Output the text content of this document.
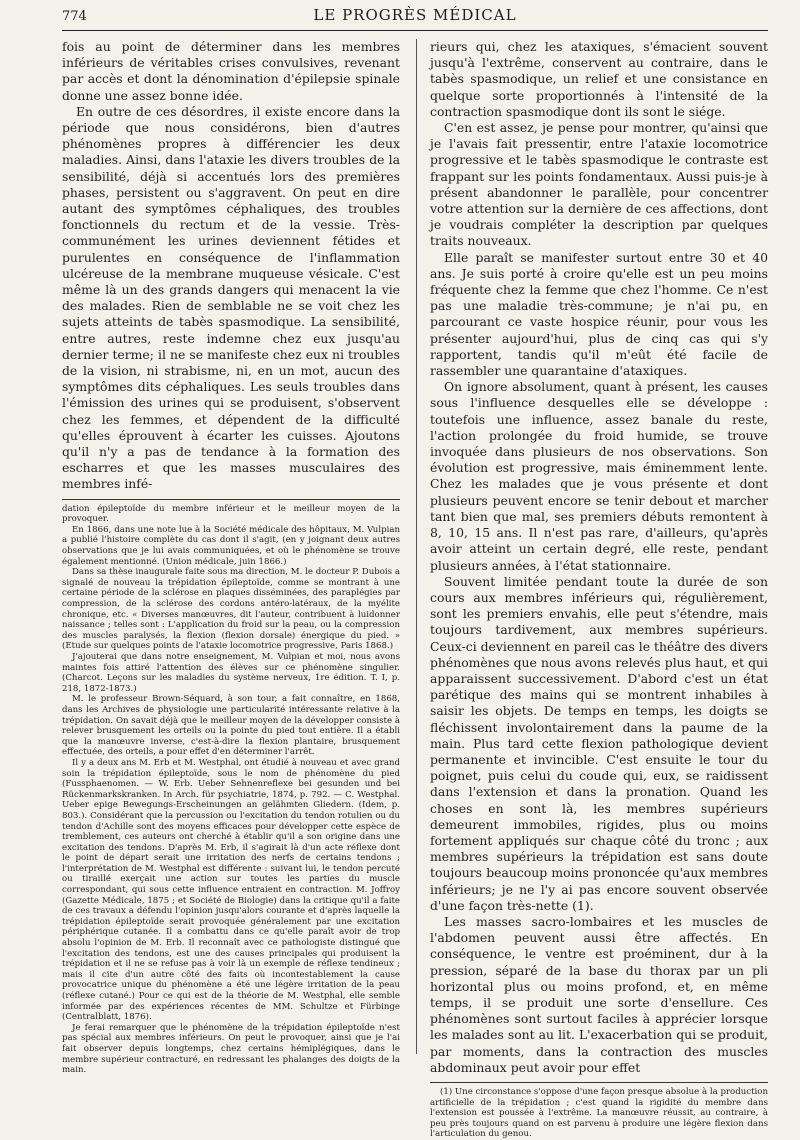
774	LE PROGRÈS MÉDICAL

fois au point de déterminer dans les membres inférieurs de véritables crises convulsives, revenant par accès et dont la dénomination d'épilepsie spinale donne une assez bonne idée.

En outre de ces désordres, il existe encore dans la période que nous considérons, bien d'autres phénomènes propres à différencier les deux maladies. Ainsi, dans l'ataxie les divers troubles de la sensibilité, déjà si accentués lors des premières phases, persistent ou s'aggravent. On peut en dire autant des symptômes céphaliques, des troubles fonctionnels du rectum et de la vessie. Très-communément les urines deviennent fétides et purulentes en conséquence de l'inflammation ulcéreuse de la membrane muqueuse vésicale. C'est même là un des grands dangers qui menacent la vie des malades. Rien de semblable ne se voit chez les sujets atteints de tabès spasmodique. La sensibilité, entre autres, reste indemne chez eux jusqu'au dernier terme; il ne se manifeste chez eux ni troubles de la vision, ni strabisme, ni, en un mot, aucun des symptômes dits céphaliques. Les seuls troubles dans l'émission des urines qui se produisent, s'observent chez les femmes, et dépendent de la difficulté qu'elles éprouvent à écarter les cuisses. Ajoutons qu'il n'y a pas de tendance à la formation des escharres et que les masses musculaires des membres infé-

dation épileptoïde du membre inférieur et le meilleur moyen de la provoquer.

En 1866, dans une note lue à la Société médicale des hôpitaux, M. Vulpian a publié l'histoire complète du cas dont il s'agit, (en y joignant deux autres observations que je lui avais communiquées, et où le phénomène se trouve également mentionné. (Union médicale, juin 1866.)

Dans sa thèse inaugurale faite sous ma direction, M. le docteur P. Dubois a signalé de nouveau la trépidation épileptoïde, comme se montrant à une certaine période de la sclérose en plaques disséminées, des paraplégies par compression, de la sclérose des cordons antéro-latéraux, de la myélite chronique, etc. « Diverses manœuvres, dit l'auteur, contribuent à luidonner naissance ; telles sont : L'application du froid sur la peau, ou la compression des muscles paralysés, la flexion (flexion dorsale) énergique du pied. » (Etude sur quelques points de l'ataxie locomotrice progressive, Paris 1868.)

J'ajouterai que dans notre enseignement, M. Vulpian et moi, nous avons maintes fois attiré l'attention des élèves sur ce phénomène singulier. (Charcot. Leçons sur les maladies du système nerveux, 1re édition. T. I, p. 218, 1872-1873.)

M. le professeur Brown-Séquard, à son tour, a fait connaître, en 1868, dans les Archives de physiologie une particularité intéressante relative à la trépidation. On savait déjà que le meilleur moyen de la développer consiste à relever brusquement les orteils ou la pointe du pied tout entière. Il a établi que la manœuvre inverse, c'est-à-dire la flexion plantaire, brusquement effectuée, des orteils, a pour effet d'en déterminer l'arrêt.

Il y a deux ans M. Erb et M. Westphal, ont étudié à nouveau et avec grand soin la trépidation épileptoïde, sous le nom de phénomène du pied (Fussphaenomen. — W. Erb. Ueber Sehnenreflexe bei gesunden und bei Rückenmarkskranken. In Arch. für psychiatrie, 1874, p. 792. — C. Westphal. Ueber epige Bewegungs-Erscheinungen an gelähmten Gliedern. (Idem, p. 803.). Considérant que la percussion ou l'excitation du tendon rotulien ou du tendon d'Achille sont des moyens efficaces pour développer cette espèce de tremblement, ces auteurs ont cherché à établir qu'il a son origine dans une excitation des tendons. D'après M. Erb, il s'agirait là d'un acte réflexe dont le point de départ serait une irritation des nerfs de certains tendons ; l'interprétation de M. Westphal est différente : suivant lui, le tendon percuté ou tiraillé exerçait une action sur toutes les parties du muscle correspondant, qui sous cette influence entraient en contraction. M. Joffroy (Gazette Médicale, 1875 ; et Société de Biologie) dans la critique qu'il a faite de ces travaux a défendu l'opinion jusqu'alors courante et d'après laquelle la trépidation épileptoïde serait provoquée généralement par une excitation périphérique cutanée. Il a combattu dans ce qu'elle paraît avoir de trop absolu l'opinion de M. Erb. Il reconnaît avec ce pathologiste distingué que l'excitation des tendons, est une des causes principales qui produisent la trépidation et il ne se refuse pas à voir là un exemple de réflexe tendineux ; mais il cite d'un autre côté des faits où incontestablement la cause provocatrice unique du phénomène a été une légère irritation de la peau (réflexe cutané.) Pour ce qui est de la théorie de M. Westphal, elle semble informée par des expériences récentes de MM. Schultze et Fürbinge (Centralblatt, 1876).

Je ferai remarquer que le phénomène de la trépidation épileptoïde n'est pas spécial aux membres inférieurs. On peut le provoquer, ainsi que je l'ai fait observer depuis longtemps, chez certains hémiplégiques, dans le membre supérieur contracturé, en redressant les phalanges des doigts de la main.

rieurs qui, chez les ataxiques, s'émacient souvent jusqu'à l'extrême, conservent au contraire, dans le tabès spasmodique, un relief et une consistance en quelque sorte proportionnés à l'intensité de la contraction spasmodique dont ils sont le siége.

C'en est assez, je pense pour montrer, qu'ainsi que je l'avais fait pressentir, entre l'ataxie locomotrice progressive et le tabès spasmodique le contraste est frappant sur les points fondamentaux. Aussi puis-je à présent abandonner le parallèle, pour concentrer votre attention sur la dernière de ces affections, dont je voudrais compléter la description par quelques traits nouveaux.

Elle paraît se manifester surtout entre 30 et 40 ans. Je suis porté à croire qu'elle est un peu moins fréquente chez la femme que chez l'homme. Ce n'est pas une maladie très-commune; je n'ai pu, en parcourant ce vaste hospice réunir, pour vous les présenter aujourd'hui, plus de cinq cas qui s'y rapportent, tandis qu'il m'eût été facile de rassembler une quarantaine d'ataxiques.

On ignore absolument, quant à présent, les causes sous l'influence desquelles elle se développe : toutefois une influence, assez banale du reste, l'action prolongée du froid humide, se trouve invoquée dans plusieurs de nos observations. Son évolution est progressive, mais éminemment lente. Chez les malades que je vous présente et dont plusieurs peuvent encore se tenir debout et marcher tant bien que mal, ses premiers débuts remontent à 8, 10, 15 ans. Il n'est pas rare, d'ailleurs, qu'après avoir atteint un certain degré, elle reste, pendant plusieurs années, à l'état stationnaire.

Souvent limitée pendant toute la durée de son cours aux membres inférieurs qui, régulièrement, sont les premiers envahis, elle peut s'étendre, mais toujours tardivement, aux membres supérieurs. Ceux-ci deviennent en pareil cas le théâtre des divers phénomènes que nous avons relevés plus haut, et qui apparaissent successivement. D'abord c'est un état parétique des mains qui se montrent inhabiles à saisir les objets. De temps en temps, les doigts se fléchissent involontairement dans la paume de la main. Plus tard cette flexion pathologique devient permanente et invincible. C'est ensuite le tour du poignet, puis celui du coude qui, eux, se raidissent dans l'extension et dans la pronation. Quand les choses en sont là, les membres supérieurs demeurent immobiles, rigides, plus ou moins fortement appliqués sur chaque côté du tronc ; aux membres supérieurs la trépidation est sans doute toujours beaucoup moins prononcée qu'aux membres inférieurs; je ne l'y ai pas encore souvent observée d'une façon très-nette (1).

Les masses sacro-lombaires et les muscles de l'abdomen peuvent aussi être affectés. En conséquence, le ventre est proéminent, dur à la pression, séparé de la base du thorax par un pli horizontal plus ou moins profond, et, en même temps, il se produit une sorte d'ensellure. Ces phénomènes sont surtout faciles à apprécier lorsque les malades sont au lit. L'exacerbation qui se produit, par moments, dans la contraction des muscles abdominaux peut avoir pour effet

(1) Une circonstance s'oppose d'une façon presque absolue à la production artificielle de la trépidation ; c'est quand la rigidité du membre dans l'extension est poussée à l'extrême. La manœuvre réussit, au contraire, à peu près toujours quand on est parvenu à produire une légère flexion dans l'articulation du genou.
